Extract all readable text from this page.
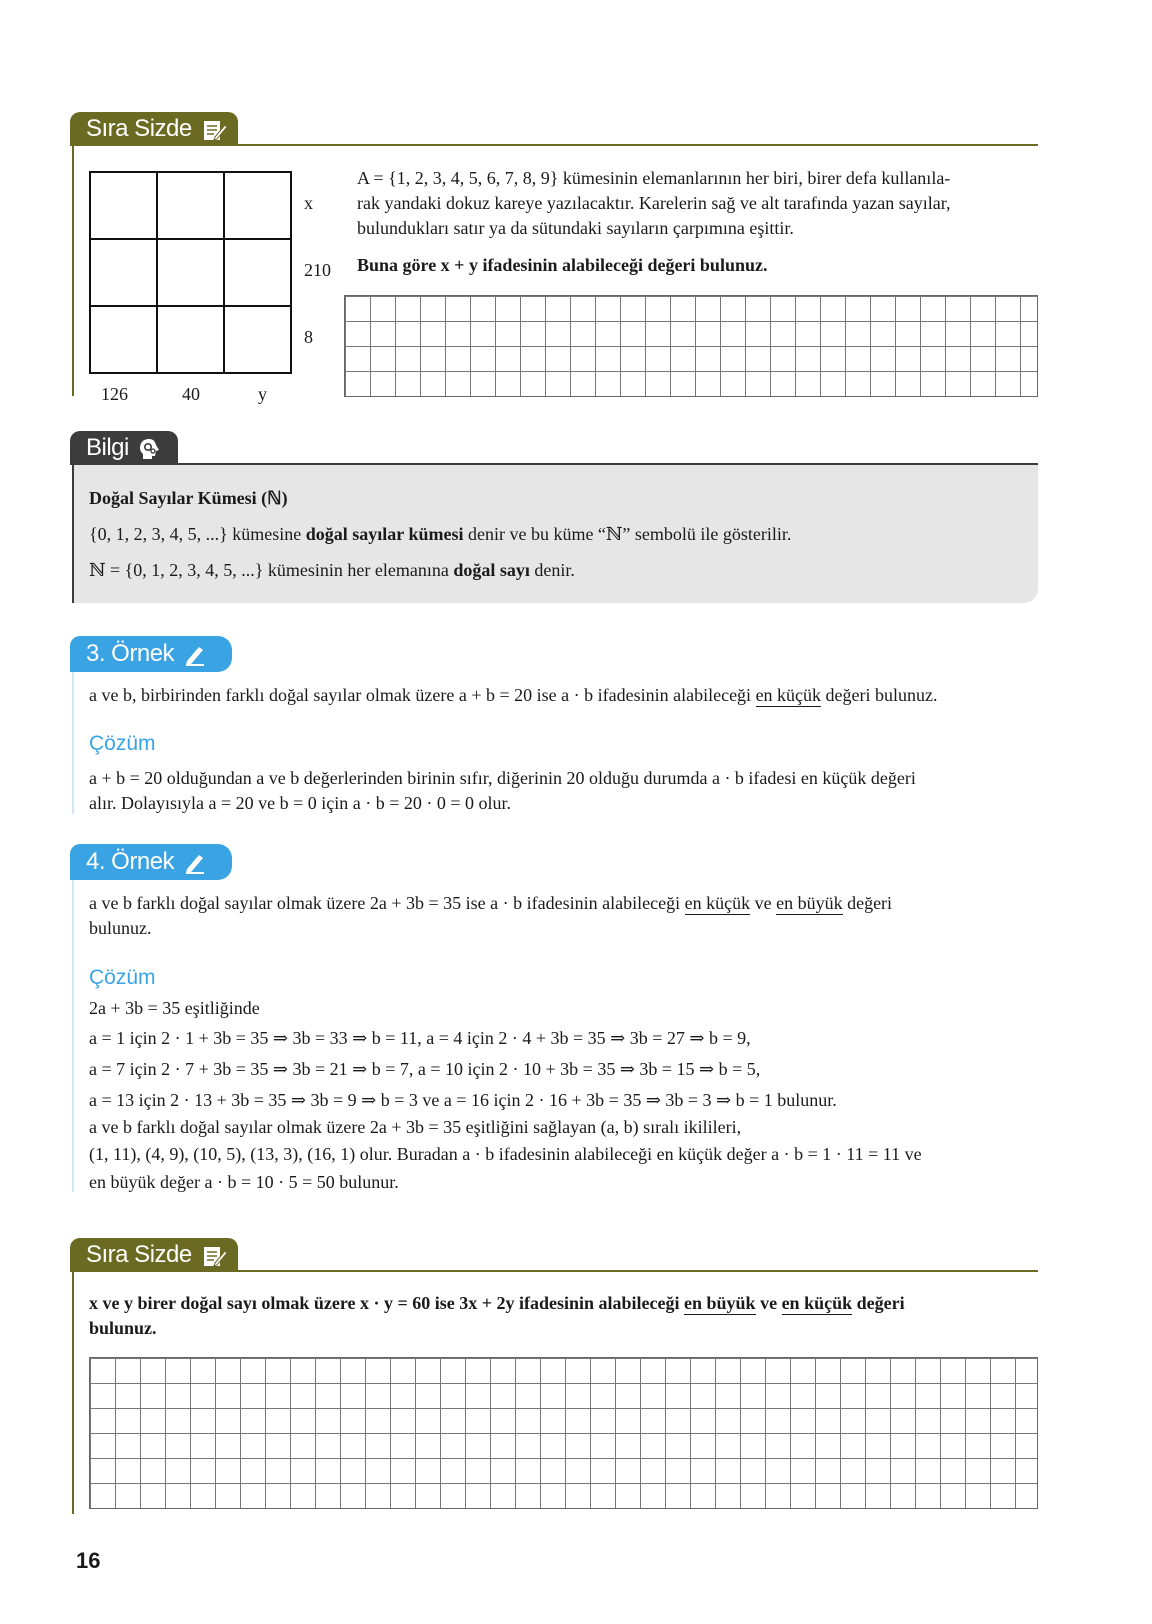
Sıra Sizde
x
210
8
126	40	y
A = {1, 2, 3, 4, 5, 6, 7, 8, 9} kümesinin elemanlarının her biri, birer defa kullanıla-
rak yandaki dokuz kareye yazılacaktır. Karelerin sağ ve alt tarafında yazan sayılar,
bulundukları satır ya da sütundaki sayıların çarpımına eşittir.
Buna göre x + y ifadesinin alabileceği değeri bulunuz.
Bilgi
Doğal Sayılar Kümesi (ℕ)
{0, 1, 2, 3, 4, 5, ...} kümesine doğal sayılar kümesi denir ve bu küme “ℕ” sembolü ile gösterilir.
ℕ = {0, 1, 2, 3, 4, 5, ...} kümesinin her elemanına doğal sayı denir.
3. Örnek
a ve b, birbirinden farklı doğal sayılar olmak üzere a + b = 20 ise a · b ifadesinin alabileceği en küçük değeri bulunuz.
Çözüm
a + b = 20 olduğundan a ve b değerlerinden birinin sıfır, diğerinin 20 olduğu durumda a · b ifadesi en küçük değeri
alır. Dolayısıyla a = 20 ve b = 0 için a · b = 20 · 0 = 0 olur.
4. Örnek
a ve b farklı doğal sayılar olmak üzere 2a + 3b = 35 ise a · b ifadesinin alabileceği en küçük ve en büyük değeri
bulunuz.
Çözüm
2a + 3b = 35 eşitliğinde
a = 1 için 2 · 1 + 3b = 35 ⇒ 3b = 33 ⇒ b = 11, a = 4 için 2 · 4 + 3b = 35 ⇒ 3b = 27 ⇒ b = 9,
a = 7 için 2 · 7 + 3b = 35 ⇒ 3b = 21 ⇒ b = 7, a = 10 için 2 · 10 + 3b = 35 ⇒ 3b = 15 ⇒ b = 5,
a = 13 için 2 · 13 + 3b = 35 ⇒ 3b = 9 ⇒ b = 3 ve a = 16 için 2 · 16 + 3b = 35 ⇒ 3b = 3 ⇒ b = 1 bulunur.
a ve b farklı doğal sayılar olmak üzere 2a + 3b = 35 eşitliğini sağlayan (a, b) sıralı ikilileri,
(1, 11), (4, 9), (10, 5), (13, 3), (16, 1) olur. Buradan a · b ifadesinin alabileceği en küçük değer a · b = 1 · 11 = 11 ve
en büyük değer a · b = 10 · 5 = 50 bulunur.
Sıra Sizde
x ve y birer doğal sayı olmak üzere x · y = 60 ise 3x + 2y ifadesinin alabileceği en büyük ve en küçük değeri
bulunuz.
16
